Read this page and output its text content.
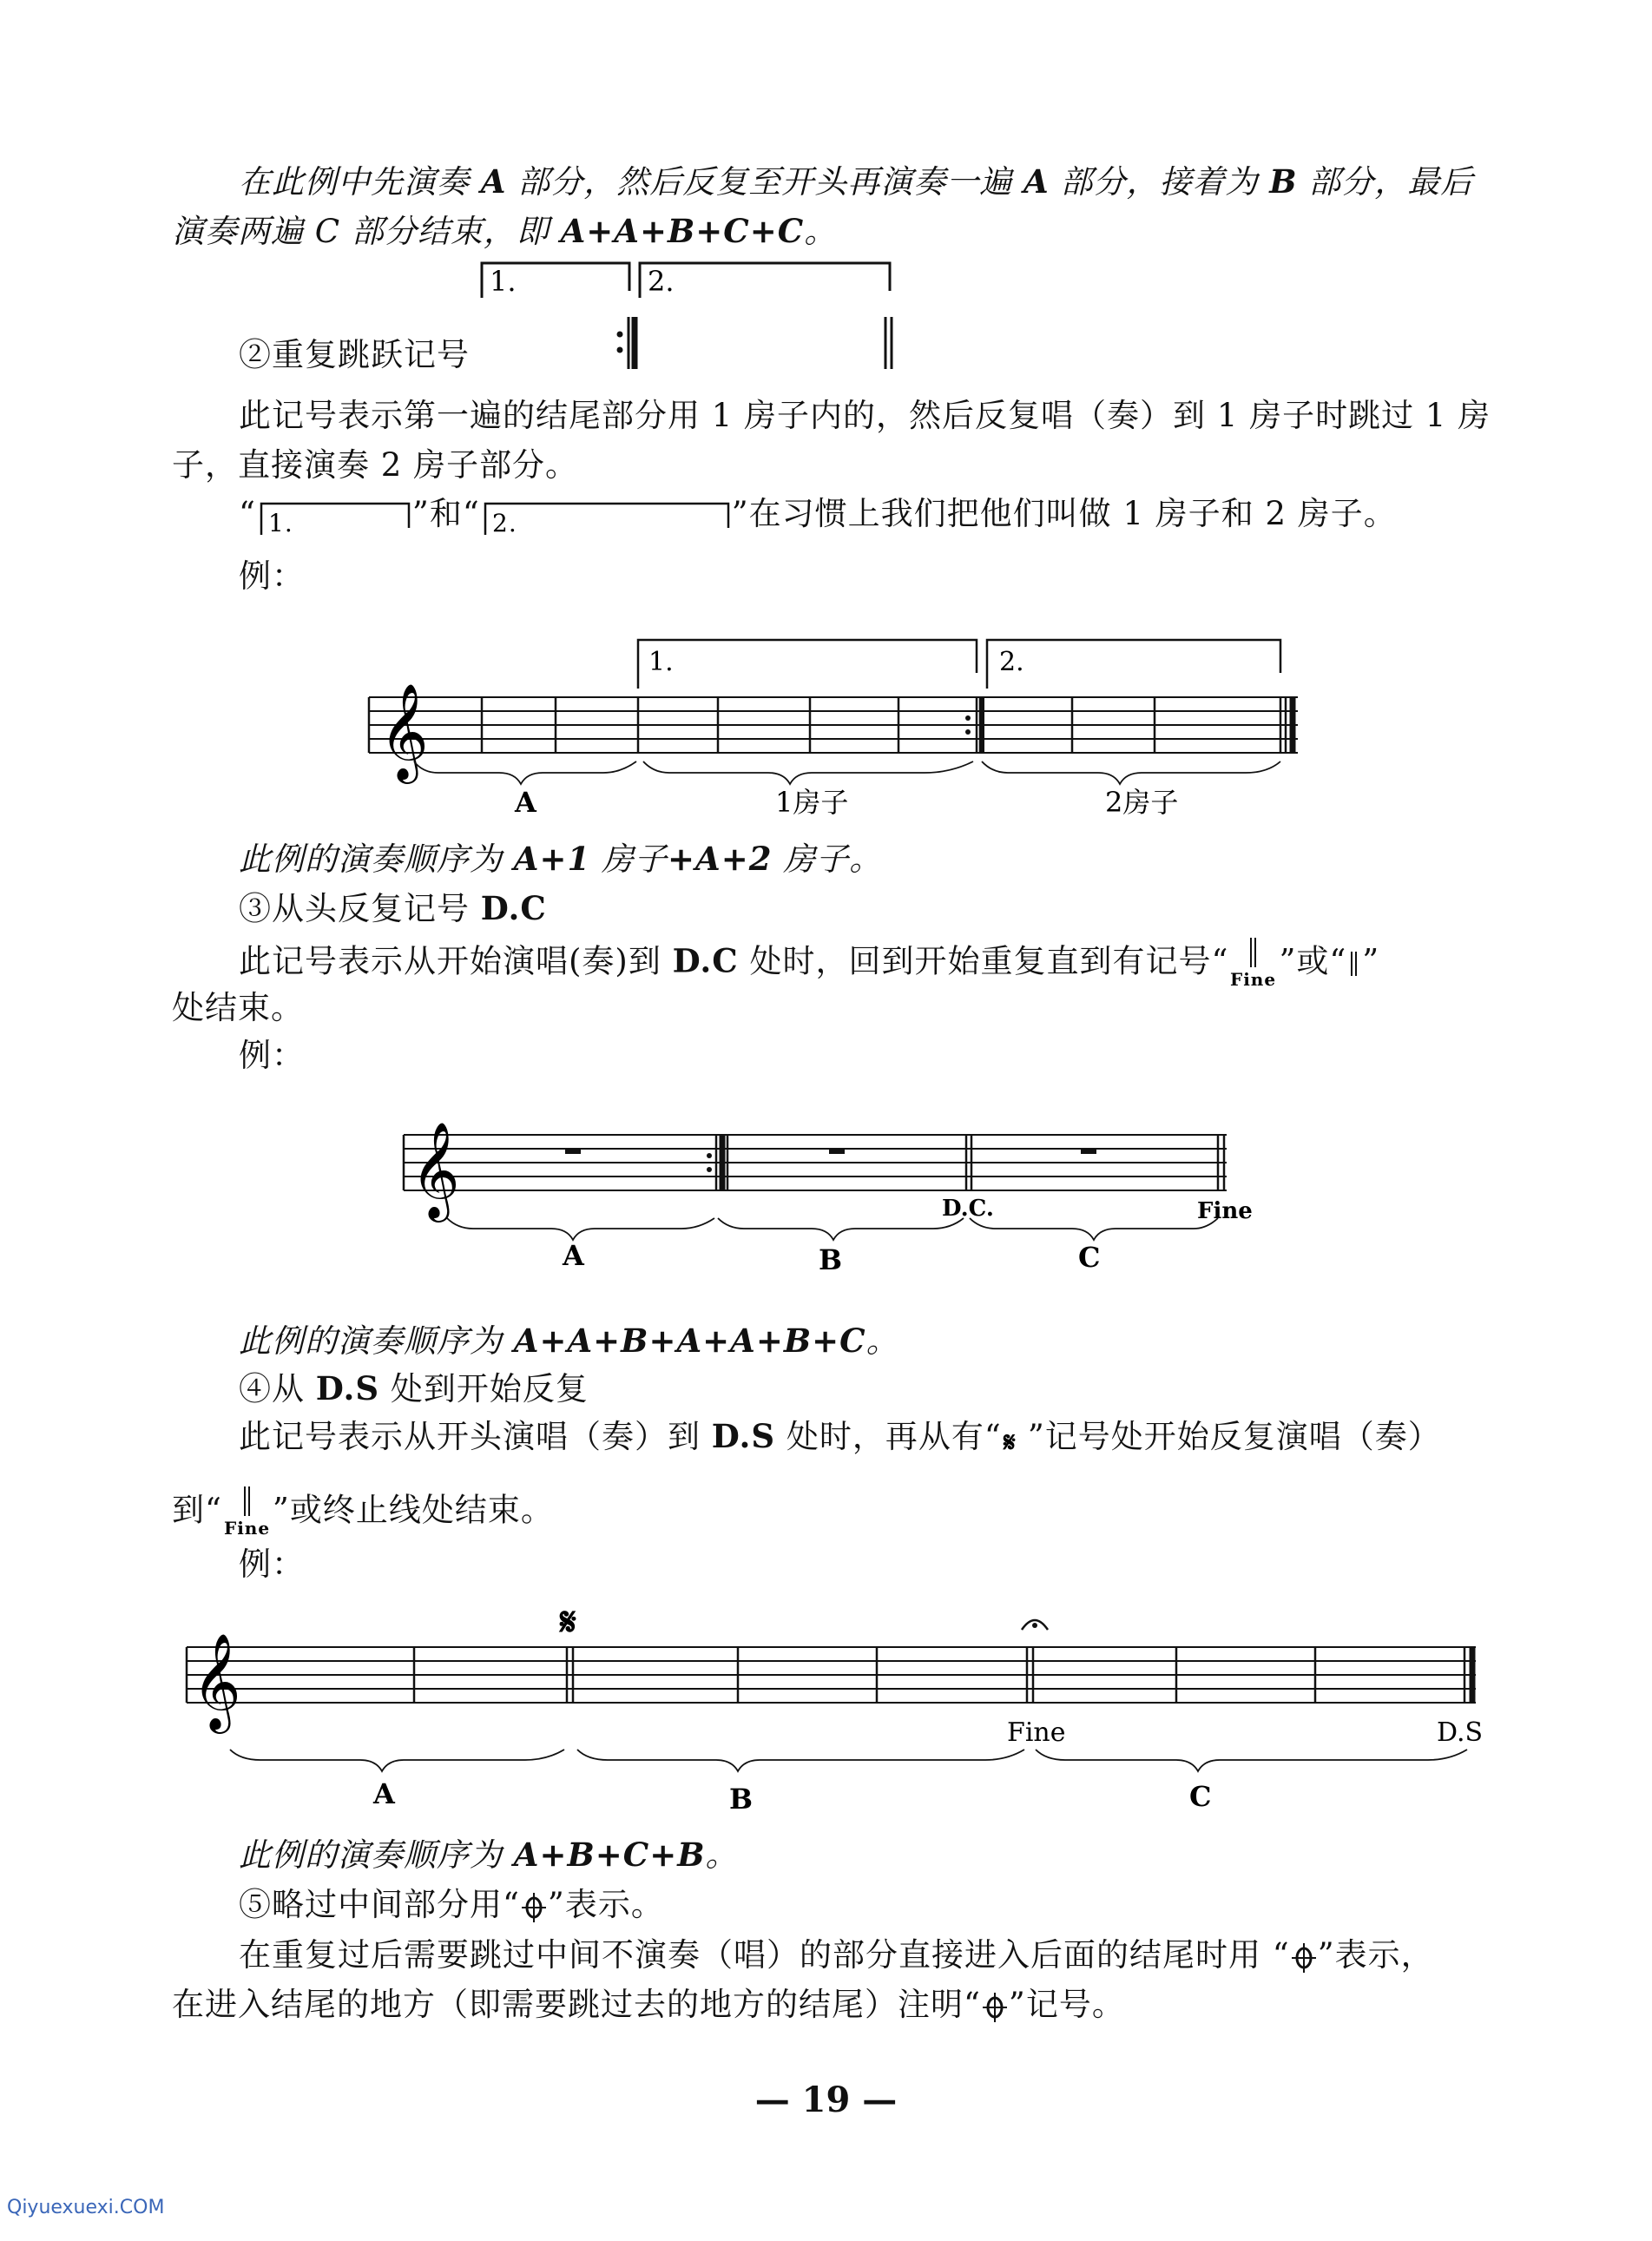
在此例中先演奏 A 部分，然后反复至开头再演奏一遍 A 部分，接着为 B 部分，最后
演奏两遍 C 部分结束，即 A+A+B+C+C。
1.	2.
②重复跳跃记号
此记号表示第一遍的结尾部分用 1 房子内的，然后反复唱（奏）到 1 房子时跳过 1 房
子，直接演奏 2 房子部分。
“ 1.	”和“ 2.	”在习惯上我们把他们叫做 1 房子和 2 房子。
例：
𝄞
1.	2.
A	1房子	2房子
此例的演奏顺序为 A+1 房子+A+2 房子。
③从头反复记号 D.C
此记号表示从开始演唱(奏)到 D.C 处时，回到开始重复直到有记号“ Fine ”或“ ”
处结束。
例：
𝄞	D.C.	Fine
A	B	C
此例的演奏顺序为 A+A+B+A+A+B+C。
④从 D.S 处到开始反复
此记号表示从开头演唱（奏）到 D.S 处时，再从有“ 𝄋 ”记号处开始反复演唱（奏）
到“ Fine ”或终止线处结束。
例：
𝄋
𝄞
Fine	D.S
A	B	C
此例的演奏顺序为 A+B+C+B。
⑤略过中间部分用“ ”表示。
在重复过后需要跳过中间不演奏（唱）的部分直接进入后面的结尾时用 “ ”表示，
在进入结尾的地方（即需要跳过去的地方的结尾）注明“ ”记号。
— 19 —
Qiyuexuexi.COM
